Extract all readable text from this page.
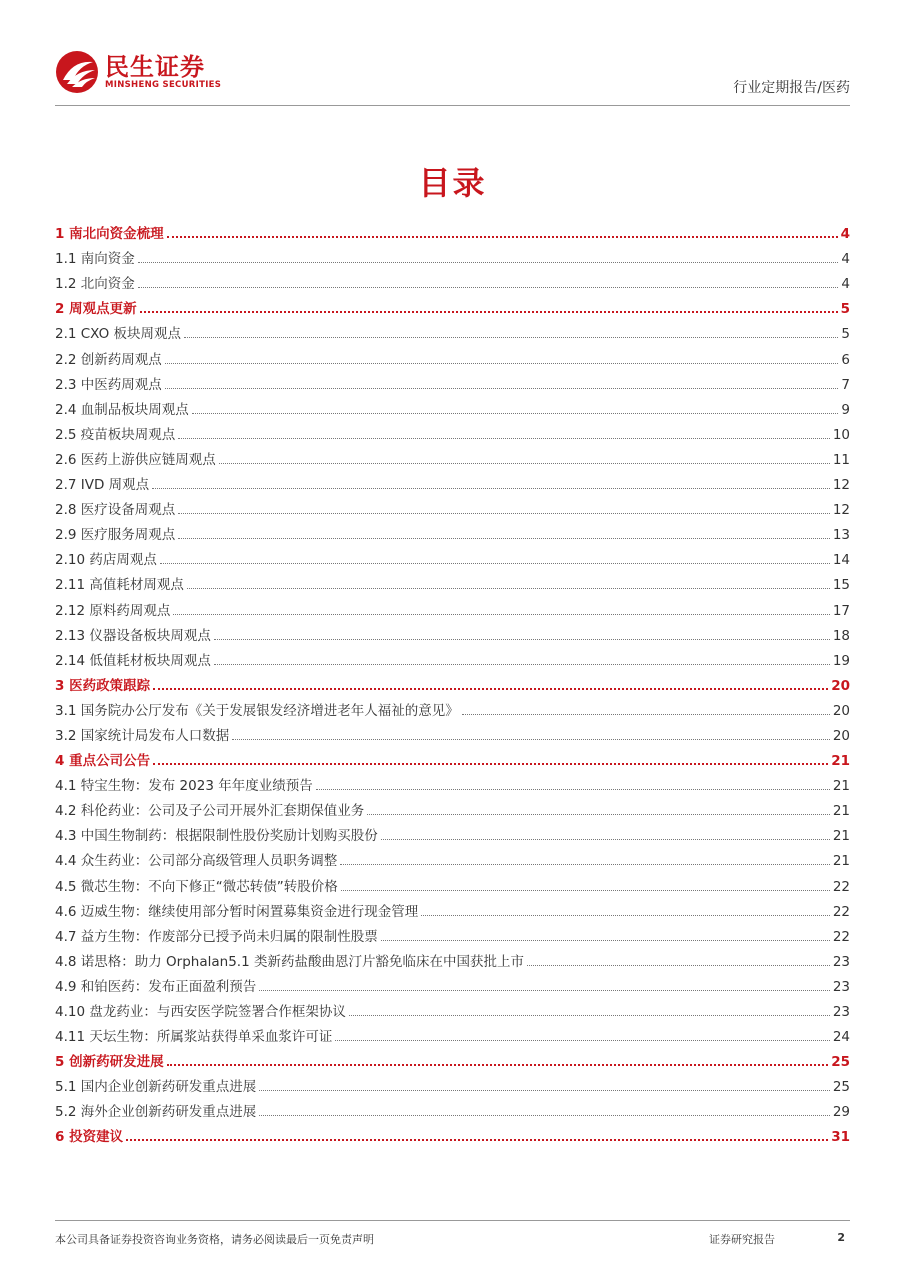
民生证券
MINSHENG SECURITIES	行业定期报告/医药
目录
1 南北向资金梳理	4
1.1 南向资金	4
1.2 北向资金	4
2 周观点更新	5
2.1 CXO 板块周观点	5
2.2 创新药周观点	6
2.3 中医药周观点	7
2.4 血制品板块周观点	9
2.5 疫苗板块周观点	10
2.6 医药上游供应链周观点	11
2.7 IVD 周观点	12
2.8 医疗设备周观点	12
2.9 医疗服务周观点	13
2.10 药店周观点	14
2.11 高值耗材周观点	15
2.12 原料药周观点	17
2.13 仪器设备板块周观点	18
2.14 低值耗材板块周观点	19
3 医药政策跟踪	20
3.1 国务院办公厅发布《关于发展银发经济增进老年人福祉的意见》	20
3.2 国家统计局发布人口数据	20
4 重点公司公告	21
4.1 特宝生物：发布 2023 年年度业绩预告	21
4.2 科伦药业：公司及子公司开展外汇套期保值业务	21
4.3 中国生物制药：根据限制性股份奖励计划购买股份	21
4.4 众生药业：公司部分高级管理人员职务调整	21
4.5 微芯生物：不向下修正“微芯转债”转股价格	22
4.6 迈威生物：继续使用部分暂时闲置募集资金进行现金管理	22
4.7 益方生物：作废部分已授予尚未归属的限制性股票	22
4.8 诺思格：助力 Orphalan5.1 类新药盐酸曲恩汀片豁免临床在中国获批上市	23
4.9 和铂医药：发布正面盈利预告	23
4.10 盘龙药业：与西安医学院签署合作框架协议	23
4.11 天坛生物：所属浆站获得单采血浆许可证	24
5 创新药研发进展	25
5.1 国内企业创新药研发重点进展	25
5.2 海外企业创新药研发重点进展	29
6 投资建议	31
本公司具备证券投资咨询业务资格，请务必阅读最后一页免责声明	证券研究报告	2
